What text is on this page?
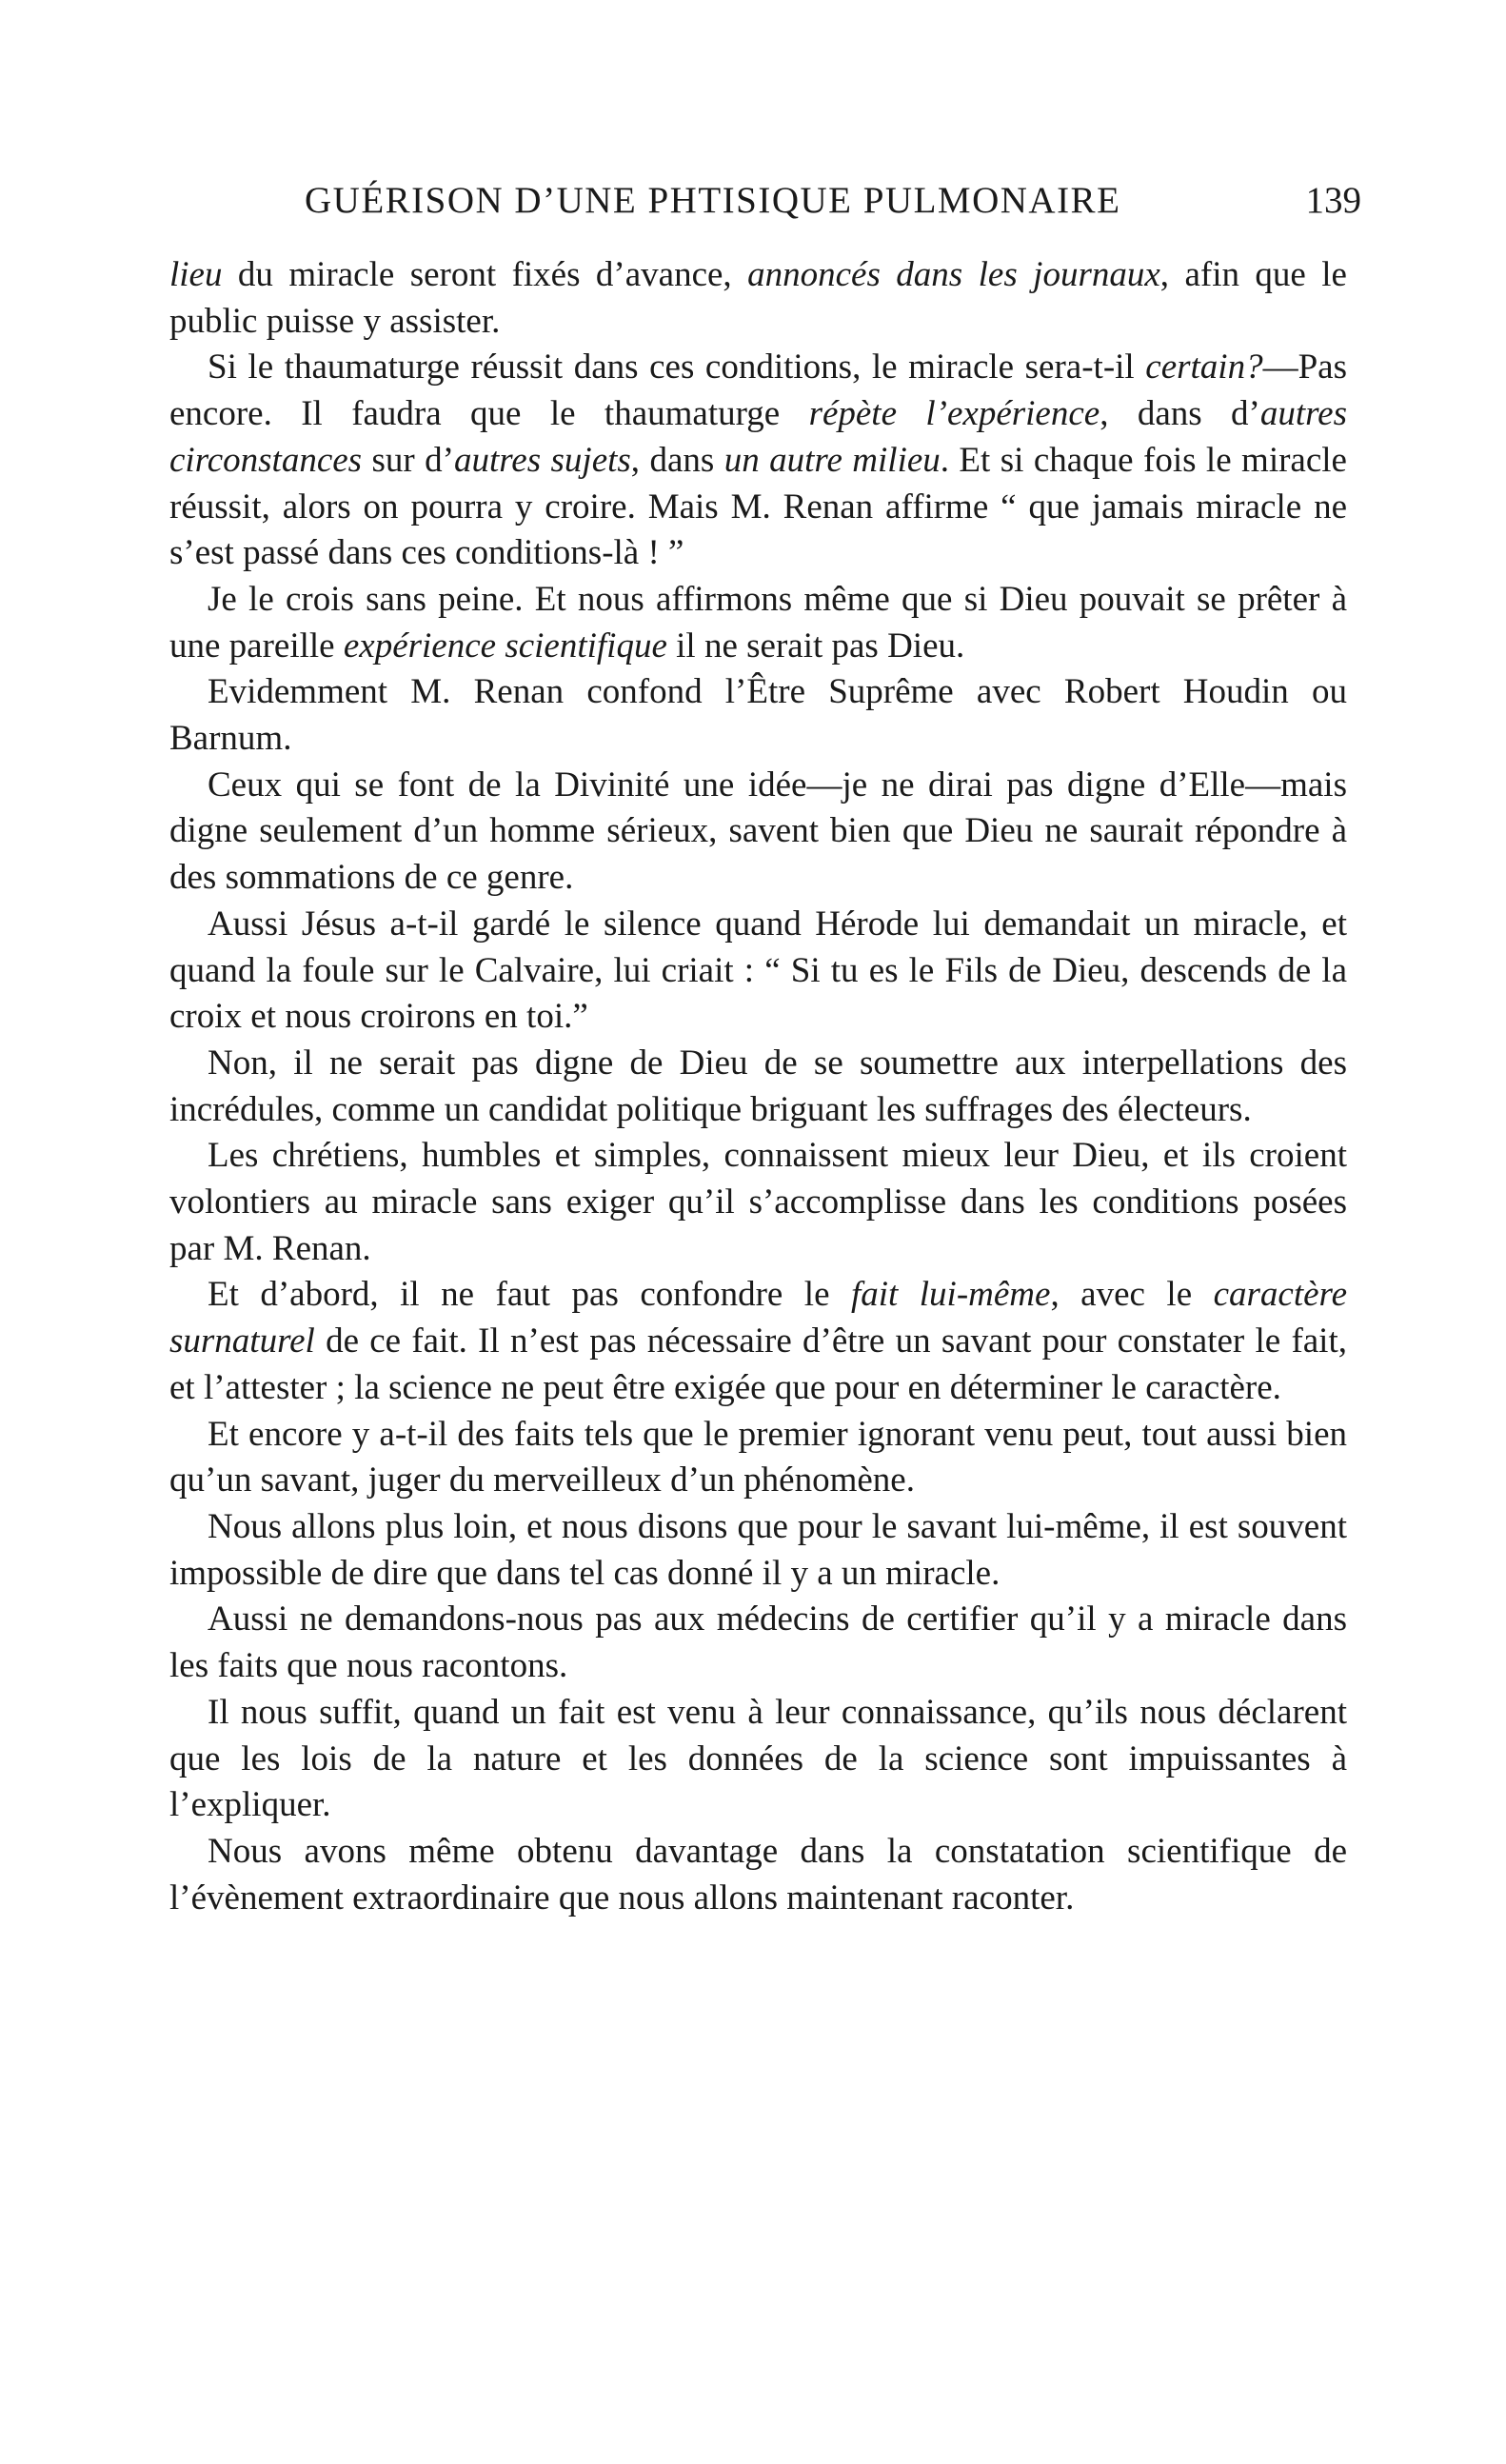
GUÉRISON D’UNE PHTISIQUE PULMONAIRE	139

lieu du miracle seront fixés d’avance, annoncés dans les journaux, afin que le public puisse y assister.

Si le thaumaturge réussit dans ces conditions, le miracle sera-t-il certain?—Pas encore. Il faudra que le thaumaturge répète l’expérience, dans d’autres circonstances sur d’autres sujets, dans un autre milieu. Et si chaque fois le miracle réussit, alors on pourra y croire. Mais M. Renan affirme “ que jamais miracle ne s’est passé dans ces conditions-là ! ”

Je le crois sans peine. Et nous affirmons même que si Dieu pouvait se prêter à une pareille expérience scientifique il ne serait pas Dieu.

Evidemment M. Renan confond l’Être Suprême avec Robert Houdin ou Barnum.

Ceux qui se font de la Divinité une idée—je ne dirai pas digne d’Elle—mais digne seulement d’un homme sérieux, savent bien que Dieu ne saurait répondre à des sommations de ce genre.

Aussi Jésus a-t-il gardé le silence quand Hérode lui demandait un miracle, et quand la foule sur le Calvaire, lui criait : “ Si tu es le Fils de Dieu, descends de la croix et nous croirons en toi.”

Non, il ne serait pas digne de Dieu de se soumettre aux interpellations des incrédules, comme un candidat politique briguant les suffrages des électeurs.

Les chrétiens, humbles et simples, connaissent mieux leur Dieu, et ils croient volontiers au miracle sans exiger qu’il s’accomplisse dans les conditions posées par M. Renan.

Et d’abord, il ne faut pas confondre le fait lui-même, avec le caractère surnaturel de ce fait. Il n’est pas nécessaire d’être un savant pour constater le fait, et l’attester ; la science ne peut être exigée que pour en déterminer le caractère.

Et encore y a-t-il des faits tels que le premier ignorant venu peut, tout aussi bien qu’un savant, juger du merveilleux d’un phénomène.

Nous allons plus loin, et nous disons que pour le savant lui-même, il est souvent impossible de dire que dans tel cas donné il y a un miracle.

Aussi ne demandons-nous pas aux médecins de certifier qu’il y a miracle dans les faits que nous racontons.

Il nous suffit, quand un fait est venu à leur connaissance, qu’ils nous déclarent que les lois de la nature et les données de la science sont impuissantes à l’expliquer.

Nous avons même obtenu davantage dans la constatation scientifique de l’évènement extraordinaire que nous allons maintenant raconter.
